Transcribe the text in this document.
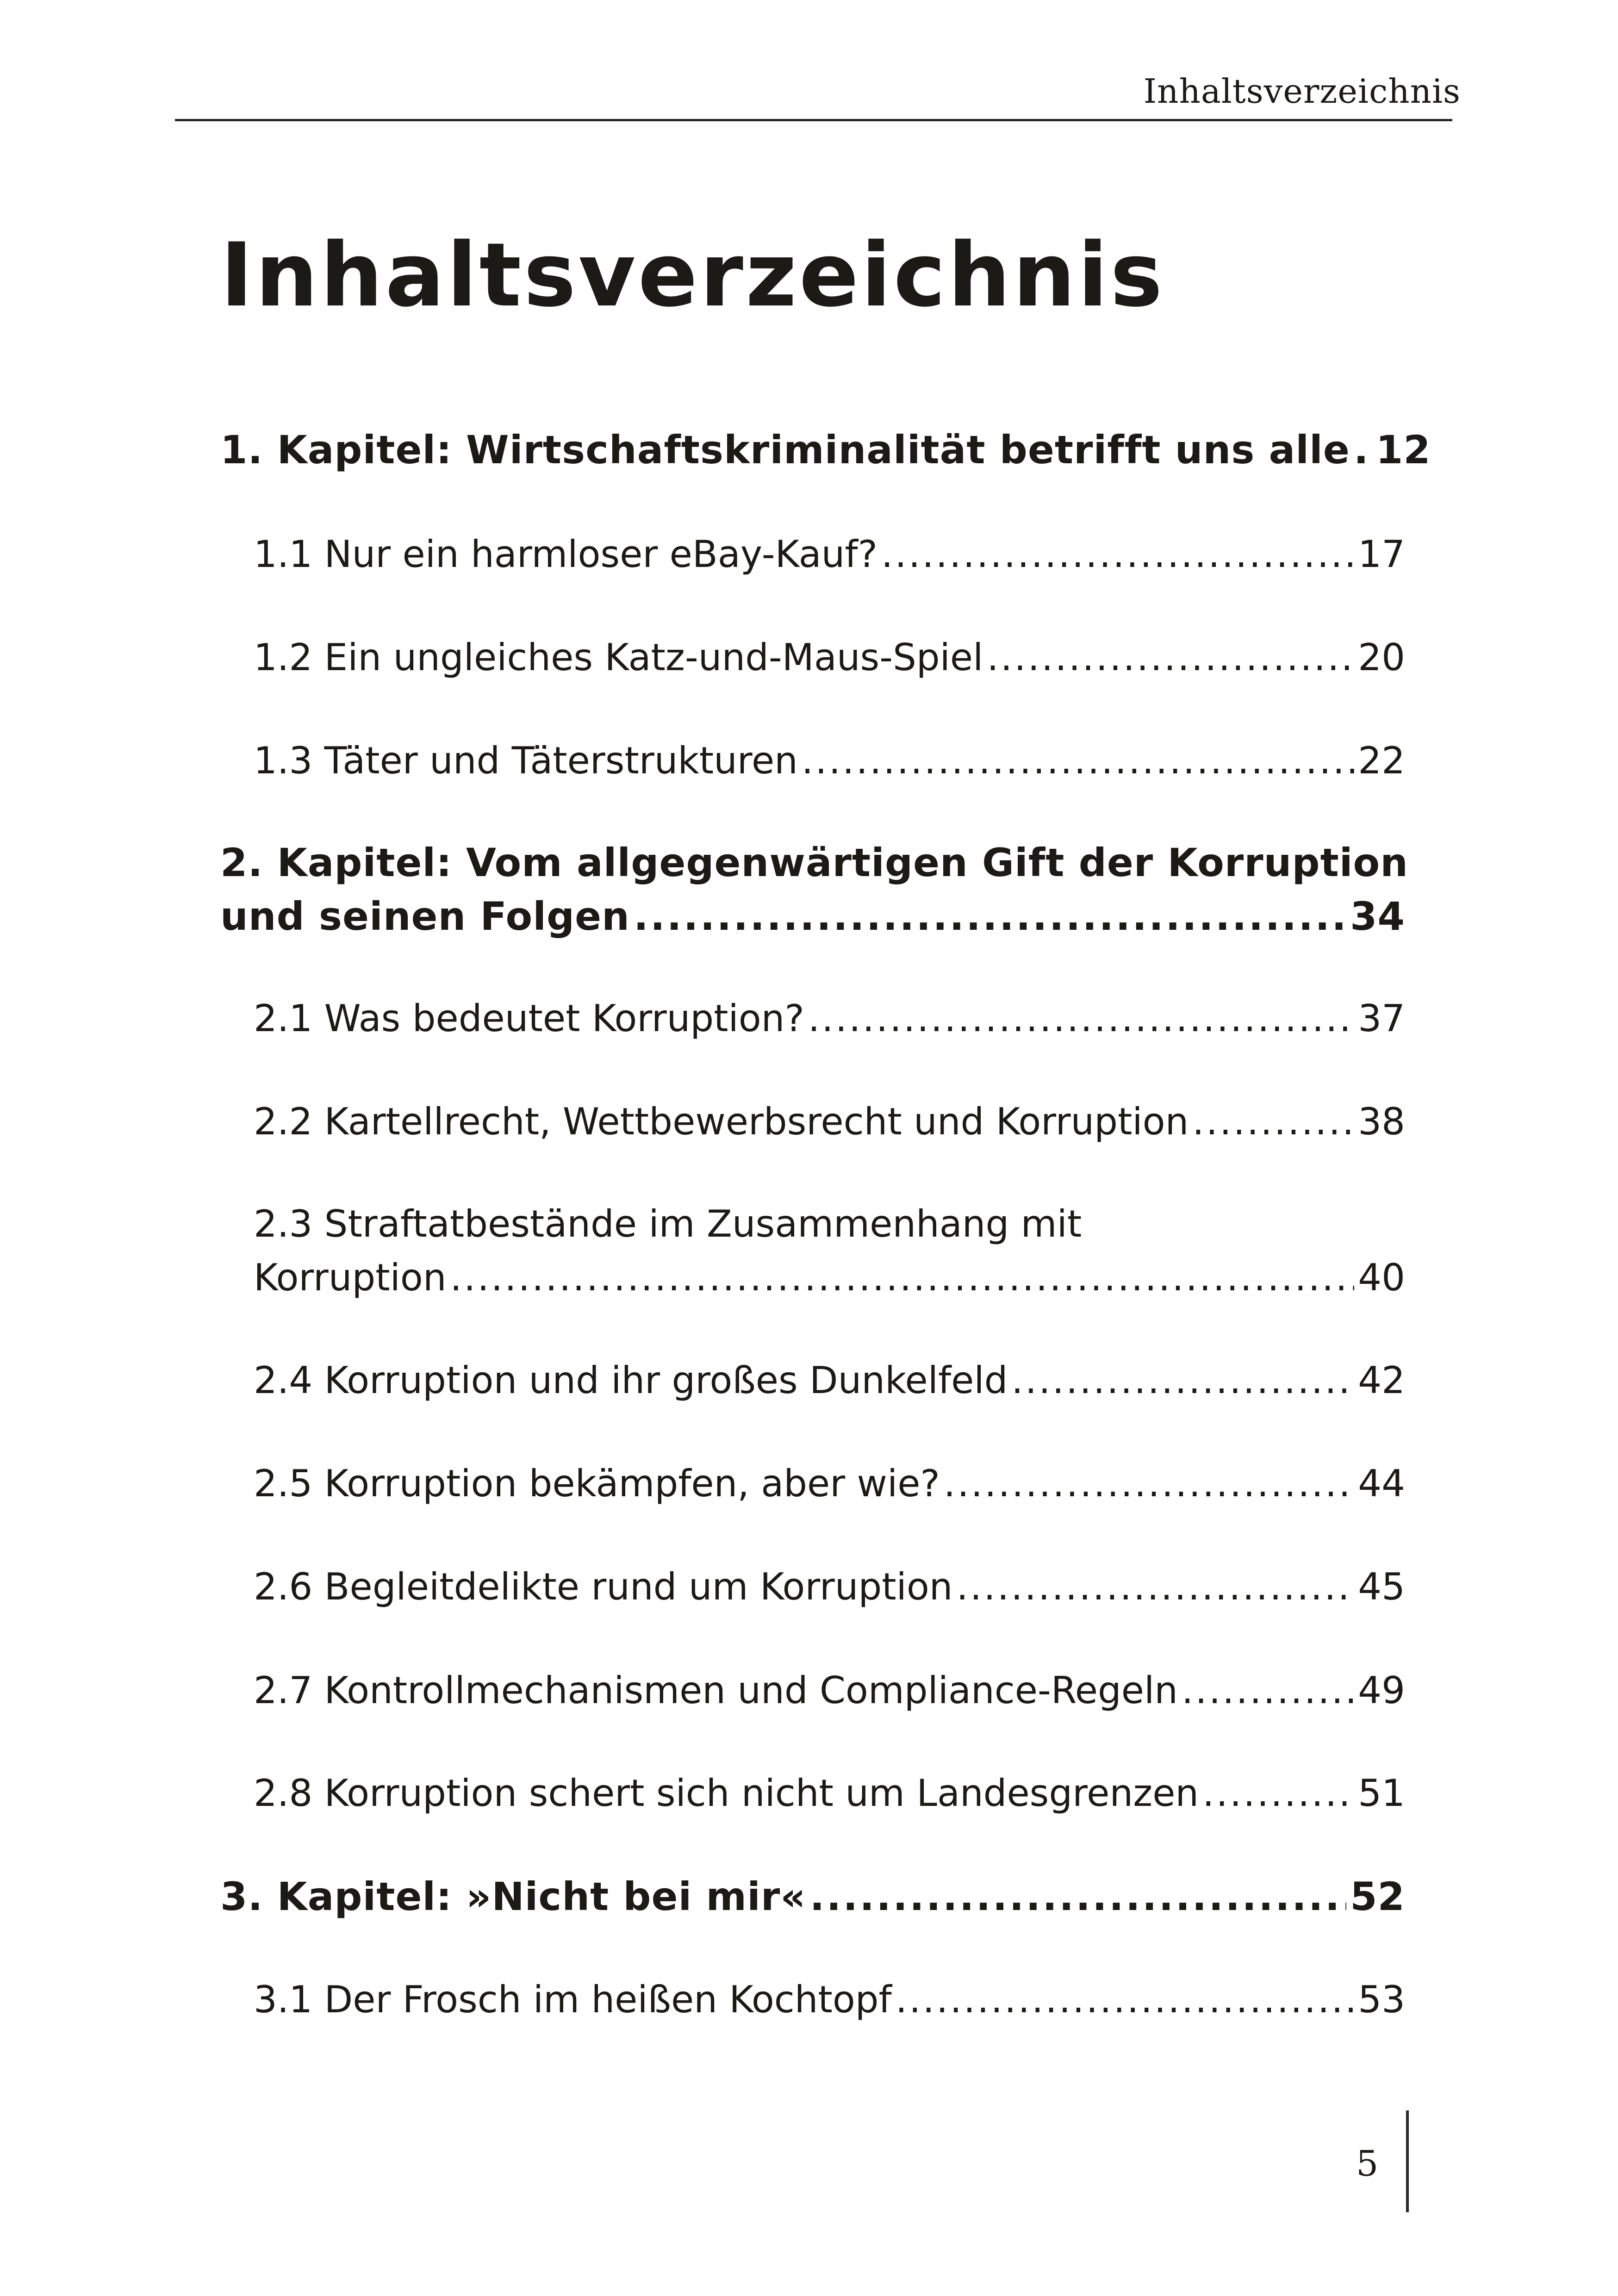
Inhaltsverzeichnis
Inhaltsverzeichnis
1. Kapitel: Wirtschaftskriminalität betrifft uns alle ..... 12
1.1 Nur ein harmloser eBay-Kauf? .....	17
1.2 Ein ungleiches Katz-und-Maus-Spiel .....	20
1.3 Täter und Täterstrukturen .....	22
2. Kapitel: Vom allgegenwärtigen Gift der Korruption
und seinen Folgen .....	34
2.1 Was bedeutet Korruption? .....	37
2.2 Kartellrecht, Wettbewerbsrecht und Korruption .....	38
2.3 Straftatbestände im Zusammenhang mit
Korruption .....	40
2.4 Korruption und ihr großes Dunkelfeld .....	42
2.5 Korruption bekämpfen, aber wie? .....	44
2.6 Begleitdelikte rund um Korruption .....	45
2.7 Kontrollmechanismen und Compliance-Regeln .....	49
2.8 Korruption schert sich nicht um Landesgrenzen .....	51
3. Kapitel: »Nicht bei mir« .....	52
3.1 Der Frosch im heißen Kochtopf .....	53
5
